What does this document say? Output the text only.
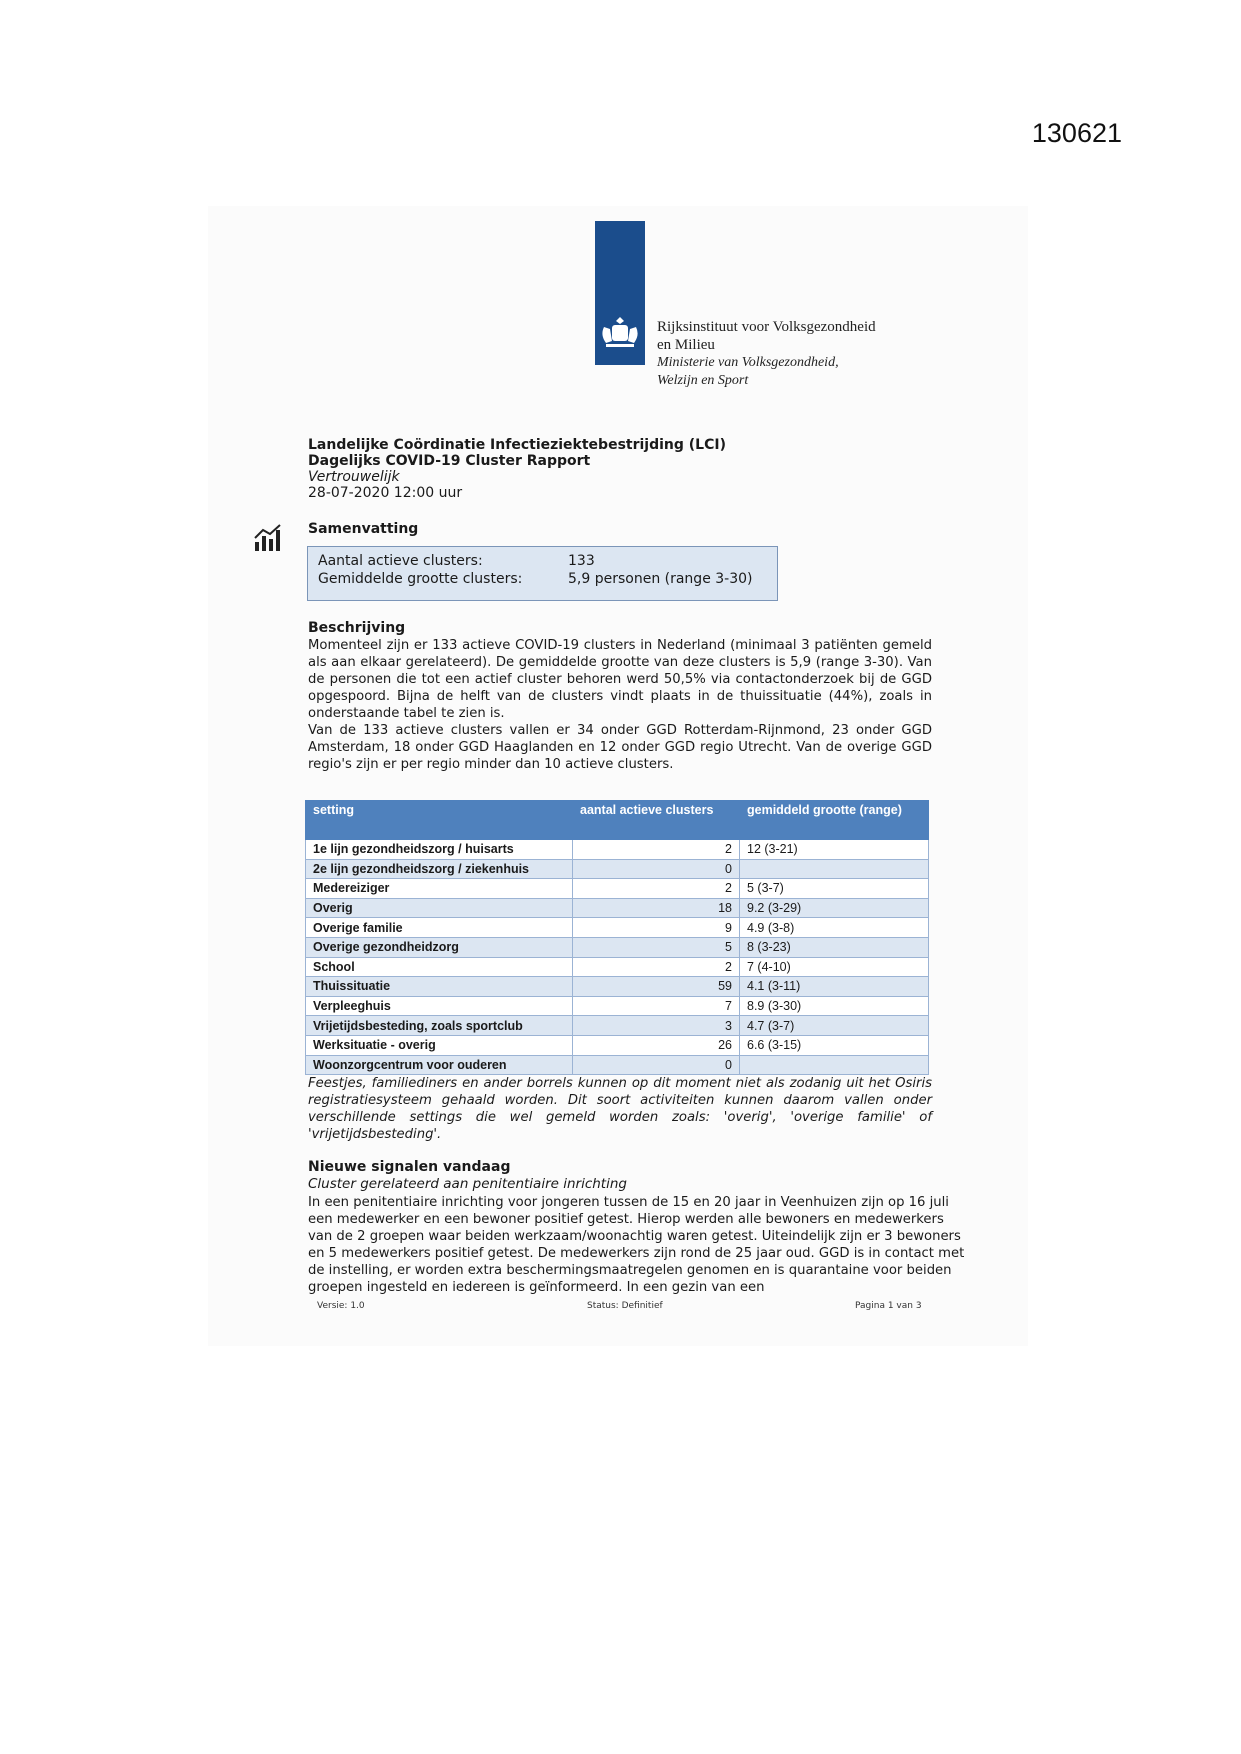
130621
Rijksinstituut voor Volksgezondheid
en Milieu
Ministerie van Volksgezondheid,
Welzijn en Sport
Landelijke Coördinatie Infectieziektebestrijding (LCI)
Dagelijks COVID-19 Cluster Rapport
Vertrouwelijk
28-07-2020 12:00 uur
Samenvatting
Aantal actieve clusters:	133
Gemiddelde grootte clusters:	5,9 personen (range 3-30)
Beschrijving

Momenteel zijn er 133 actieve COVID-19 clusters in Nederland (minimaal 3 patiënten gemeld als aan elkaar gerelateerd). De gemiddelde grootte van deze clusters is 5,9 (range 3-30). Van de personen die tot een actief cluster behoren werd 50,5% via contactonderzoek bij de GGD opgespoord. Bijna de helft van de clusters vindt plaats in de thuissituatie (44%), zoals in onderstaande tabel te zien is.

Van de 133 actieve clusters vallen er 34 onder GGD Rotterdam-Rijnmond, 23 onder GGD Amsterdam, 18 onder GGD Haaglanden en 12 onder GGD regio Utrecht. Van de overige GGD regio's zijn er per regio minder dan 10 actieve clusters.

setting	aantal actieve clusters	gemiddeld grootte (range)
1e lijn gezondheidszorg / huisarts	2	12 (3-21)
2e lijn gezondheidszorg / ziekenhuis	0	
Medereiziger	2	5 (3-7)
Overig	18	9.2 (3-29)
Overige familie	9	4.9 (3-8)
Overige gezondheidzorg	5	8 (3-23)
School	2	7 (4-10)
Thuissituatie	59	4.1 (3-11)
Verpleeghuis	7	8.9 (3-30)
Vrijetijdsbesteding, zoals sportclub	3	4.7 (3-7)
Werksituatie - overig	26	6.6 (3-15)
Woonzorgcentrum voor ouderen	0	
Feestjes, familiediners en ander borrels kunnen op dit moment niet als zodanig uit het Osiris registratiesysteem gehaald worden. Dit soort activiteiten kunnen daarom vallen onder verschillende settings die wel gemeld worden zoals: 'overig', 'overige familie' of 'vrijetijdsbesteding'.
Nieuwe signalen vandaag
Cluster gerelateerd aan penitentiaire inrichting
In een penitentiaire inrichting voor jongeren tussen de 15 en 20 jaar in Veenhuizen zijn op 16 juli een medewerker en een bewoner positief getest. Hierop werden alle bewoners en medewerkers van de 2 groepen waar beiden werkzaam/woonachtig waren getest. Uiteindelijk zijn er 3 bewoners en 5 medewerkers positief getest. De medewerkers zijn rond de 25 jaar oud. GGD is in contact met de instelling, er worden extra beschermingsmaatregelen genomen en is quarantaine voor beiden groepen ingesteld en iedereen is geïnformeerd. In een gezin van een
Versie: 1.0	Status: Definitief	Pagina 1 van 3
